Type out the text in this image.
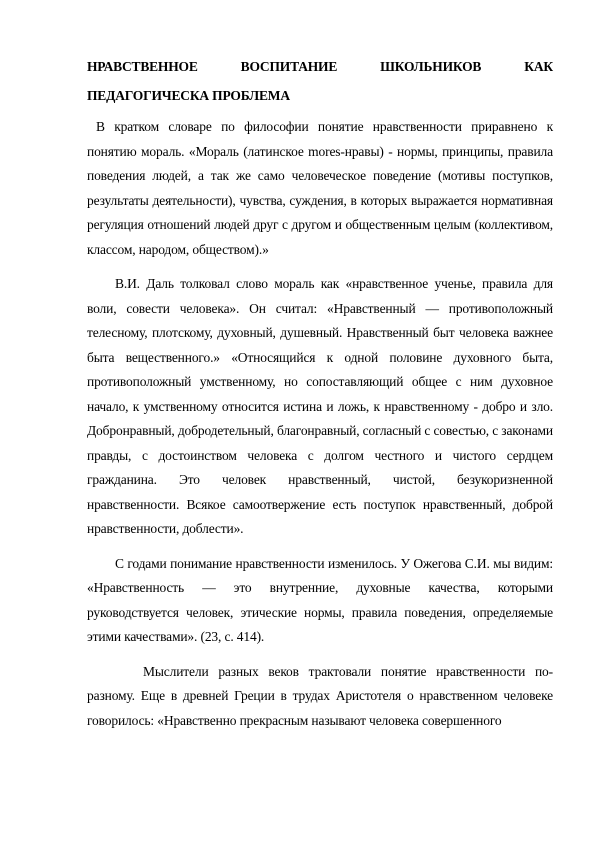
НРАВСТВЕННОЕ	ВОСПИТАНИЕ	ШКОЛЬНИКОВ	КАК
ПЕДАГОГИЧЕСКА ПРОБЛЕМА

В кратком словаре по философии понятие нравственности приравнено к понятию мораль. «Мораль (латинское mores-нравы) - нормы, принципы, правила поведения людей, а так же само человеческое поведение (мотивы поступков, результаты деятельности), чувства, суждения, в которых выражается нормативная регуляция отношений людей друг с другом и общественным целым (коллективом, классом, народом, обществом).»

В.И. Даль толковал слово мораль как «нравственное ученье, правила для воли, совести человека». Он считал: «Нравственный — противоположный телесному, плотскому, духовный, душевный. Нравственный быт человека важнее быта вещественного.» «Относящийся к одной половине духовного быта, противоположный умственному, но сопоставляющий общее с ним духовное начало, к умственному относится истина и ложь, к нравственному - добро и зло. Добронравный, добродетельный, благонравный, согласный с совестью, с законами правды, с достоинством человека с долгом честного и чистого сердцем гражданина. Это человек нравственный, чистой, безукоризненной нравственности. Всякое самоотвержение есть поступок нравственный, доброй нравственности, доблести».

С годами понимание нравственности изменилось. У Ожегова С.И. мы видим: «Нравственность — это внутренние, духовные качества, которыми руководствуется человек, этические нормы, правила поведения, определяемые этими качествами». (23, с. 414).

Мыслители разных веков трактовали понятие нравственности по-разному. Еще в древней Греции в трудах Аристотеля о нравственном человеке говорилось: «Нравственно прекрасным называют человека совершенного
